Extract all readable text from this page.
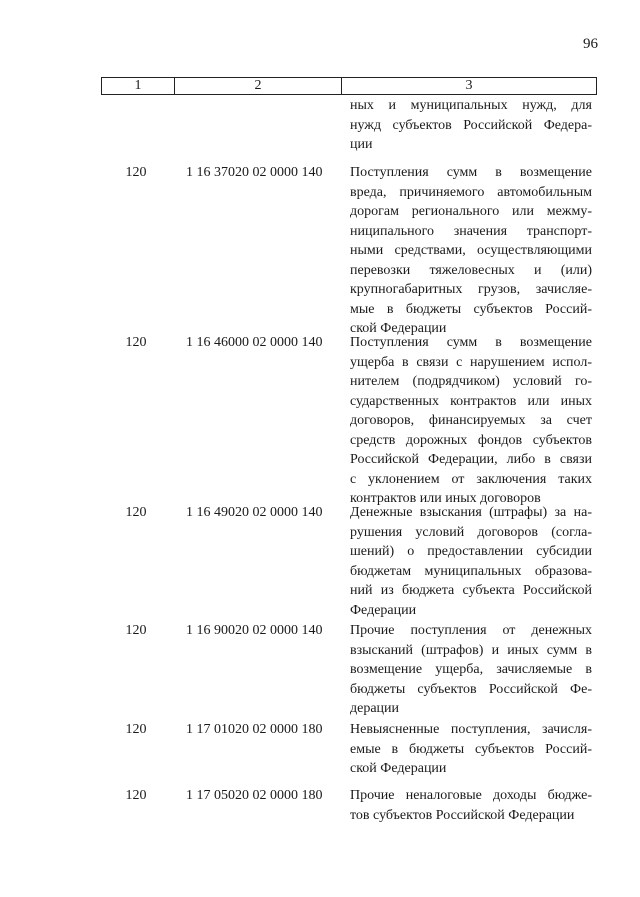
96
1	2	3
ных и муниципальных нужд, для
нужд субъектов Российской Федера-
ции
120	1 16 37020 02 0000 140 Поступления сумм в возмещение
вреда, причиняемого автомобильным
дорогам регионального или межму-
ниципального значения транспорт-
ными средствами, осуществляющими
перевозки тяжеловесных и (или)
крупногабаритных грузов, зачисляе-
мые в бюджеты субъектов Россий-
ской Федерации
120	1 16 46000 02 0000 140 Поступления сумм в возмещение
ущерба в связи с нарушением испол-
нителем (подрядчиком) условий го-
сударственных контрактов или иных
договоров, финансируемых за счет
средств дорожных фондов субъектов
Российской Федерации, либо в связи
с уклонением от заключения таких
контрактов или иных договоров
120	1 16 49020 02 0000 140 Денежные взыскания (штрафы) за на-
рушения условий договоров (согла-
шений) о предоставлении субсидии
бюджетам муниципальных образова-
ний из бюджета субъекта Российской
Федерации
120	1 16 90020 02 0000 140 Прочие поступления от денежных
взысканий (штрафов) и иных сумм в
возмещение ущерба, зачисляемые в
бюджеты субъектов Российской Фе-
дерации
120	1 17 01020 02 0000 180 Невыясненные поступления, зачисля-
емые в бюджеты субъектов Россий-
ской Федерации
120	1 17 05020 02 0000 180 Прочие неналоговые доходы бюдже-
тов субъектов Российской Федерации
